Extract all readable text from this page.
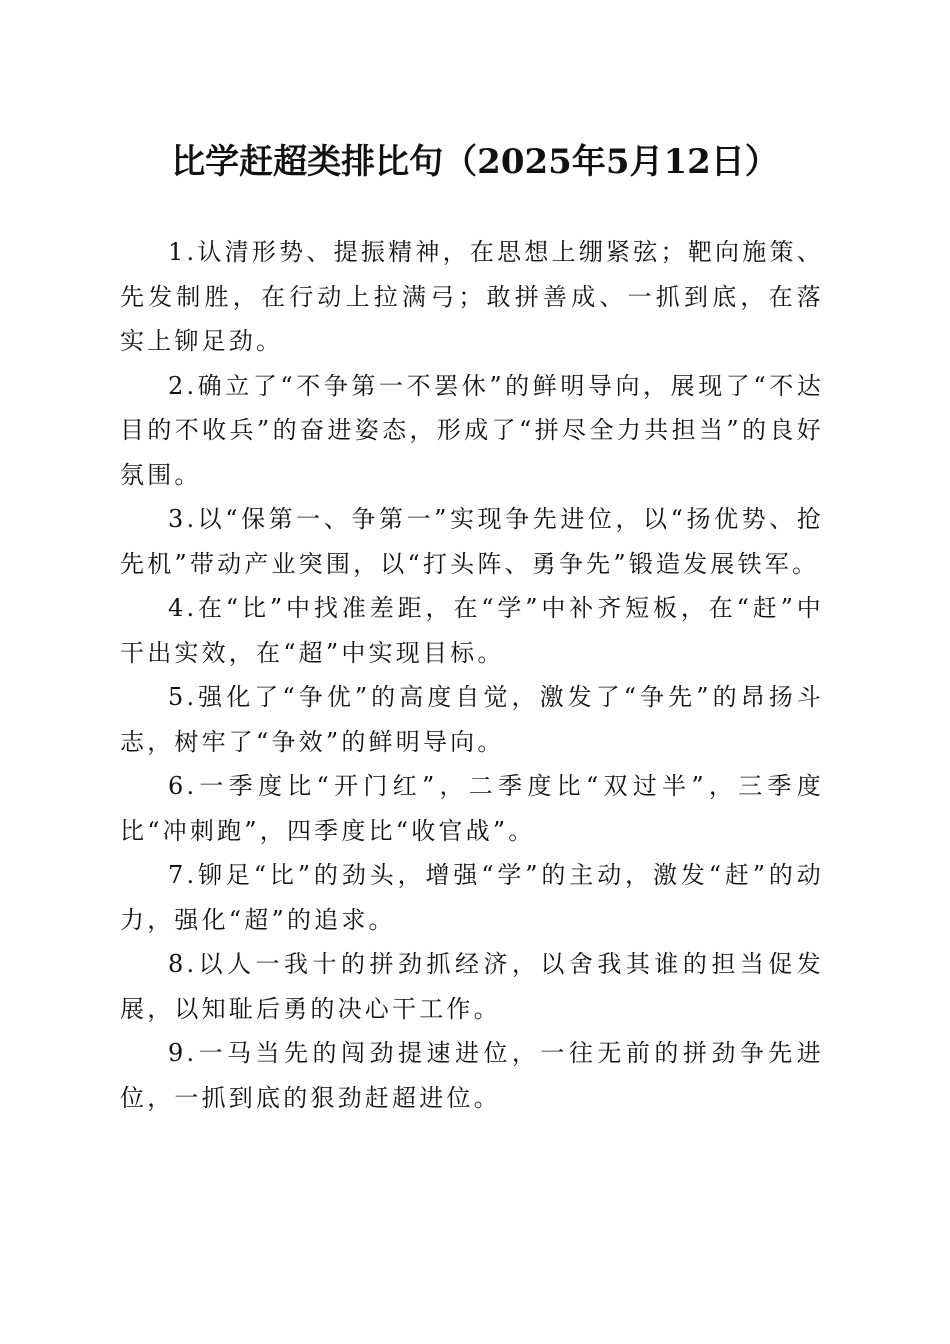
比学赶超类排比句（2025年5月12日）

1.认清形势、提振精神，在思想上绷紧弦；靶向施策、先发制胜，在行动上拉满弓；敢拼善成、一抓到底，在落实上铆足劲。

2.确立了“不争第一不罢休”的鲜明导向，展现了“不达目的不收兵”的奋进姿态，形成了“拼尽全力共担当”的良好氛围。

3.以“保第一、争第一”实现争先进位，以“扬优势、抢先机”带动产业突围，以“打头阵、勇争先”锻造发展铁军。

4.在“比”中找准差距，在“学”中补齐短板，在“赶”中干出实效，在“超”中实现目标。

5.强化了“争优”的高度自觉，激发了“争先”的昂扬斗志，树牢了“争效”的鲜明导向。

6.一季度比“开门红”，二季度比“双过半”，三季度比“冲刺跑”，四季度比“收官战”。

7.铆足“比”的劲头，增强“学”的主动，激发“赶”的动力，强化“超”的追求。

8.以人一我十的拼劲抓经济，以舍我其谁的担当促发展，以知耻后勇的决心干工作。

9.一马当先的闯劲提速进位，一往无前的拼劲争先进位，一抓到底的狠劲赶超进位。
